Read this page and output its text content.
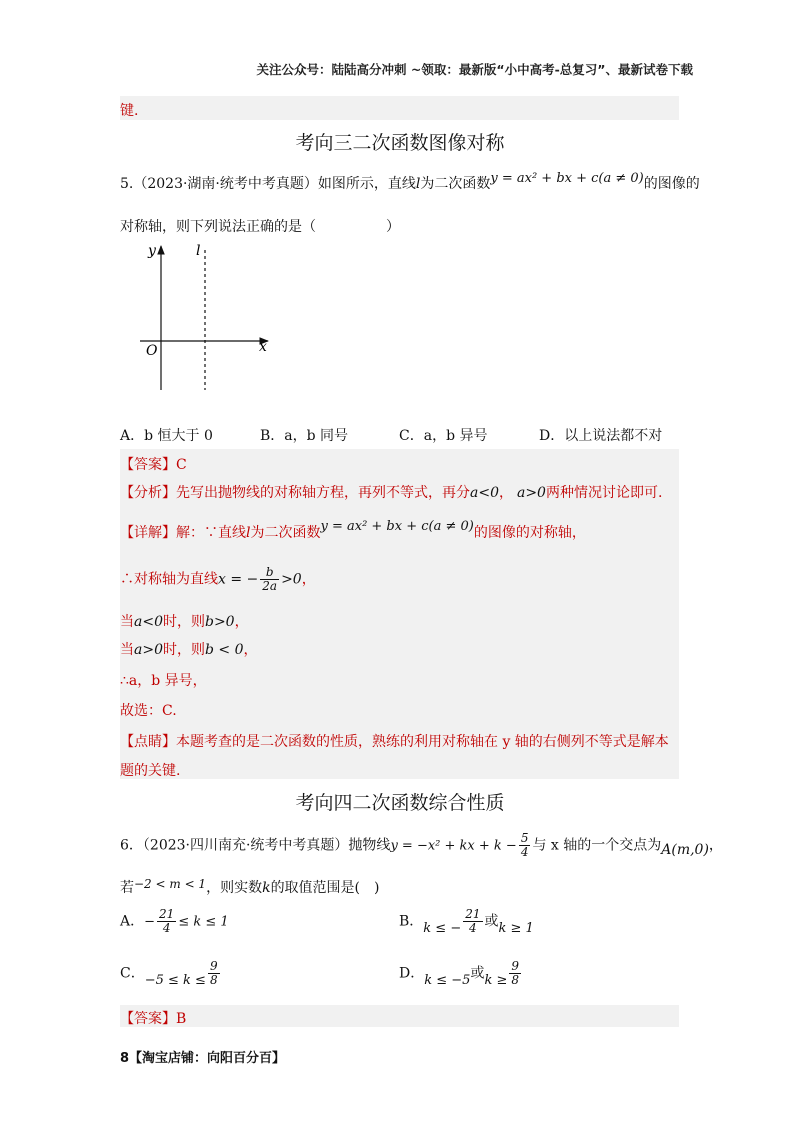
关注公众号：陆陆高分冲刺 ~领取：最新版“小中高考-总复习”、最新试卷下载
键.
考向三二次函数图像对称
5.（2023·湖南·统考中考真题）如图所示，直线l为二次函数y = ax² + bx + c(a ≠ 0)的图像的
对称轴，则下列说法正确的是（　　　　　）
y	l
O	x
A．b 恒大于 0	B．a，b 同号	C．a，b 异号	D．以上说法都不对
【答案】C
【分析】先写出抛物线的对称轴方程，再列不等式，再分a<0， a>0两种情况讨论即可.
【详解】解：∵直线l为二次函数y = ax² + bx + c(a ≠ 0)的图像的对称轴，
∴对称轴为直线x = − $\frac{b}{2a} >0$，
当a<0时，则b>0，
当a>0时，则b < 0，
∴a，b 异号，
故选：C.
【点睛】本题考查的是二次函数的性质，熟练的利用对称轴在 y 轴的右侧列不等式是解本
题的关键.
考向四二次函数综合性质
6．（2023·四川南充·统考中考真题）抛物线y = −x² + kx + $k - \frac{5}{4}$ 与 x 轴的一个交点为A(m,0)，
若−2 < m < 1，则实数k的取值范围是(　)
A．− $\frac{21}{4} \le k \le 1$	B．k ≤ − $\frac{21}{4}$ 或k ≥ 1
C．$-5 \le k \le \frac{9}{8}$	D．k ≤ −5或$k \ge \frac{9}{8}$
【答案】B
8【淘宝店铺：向阳百分百】
